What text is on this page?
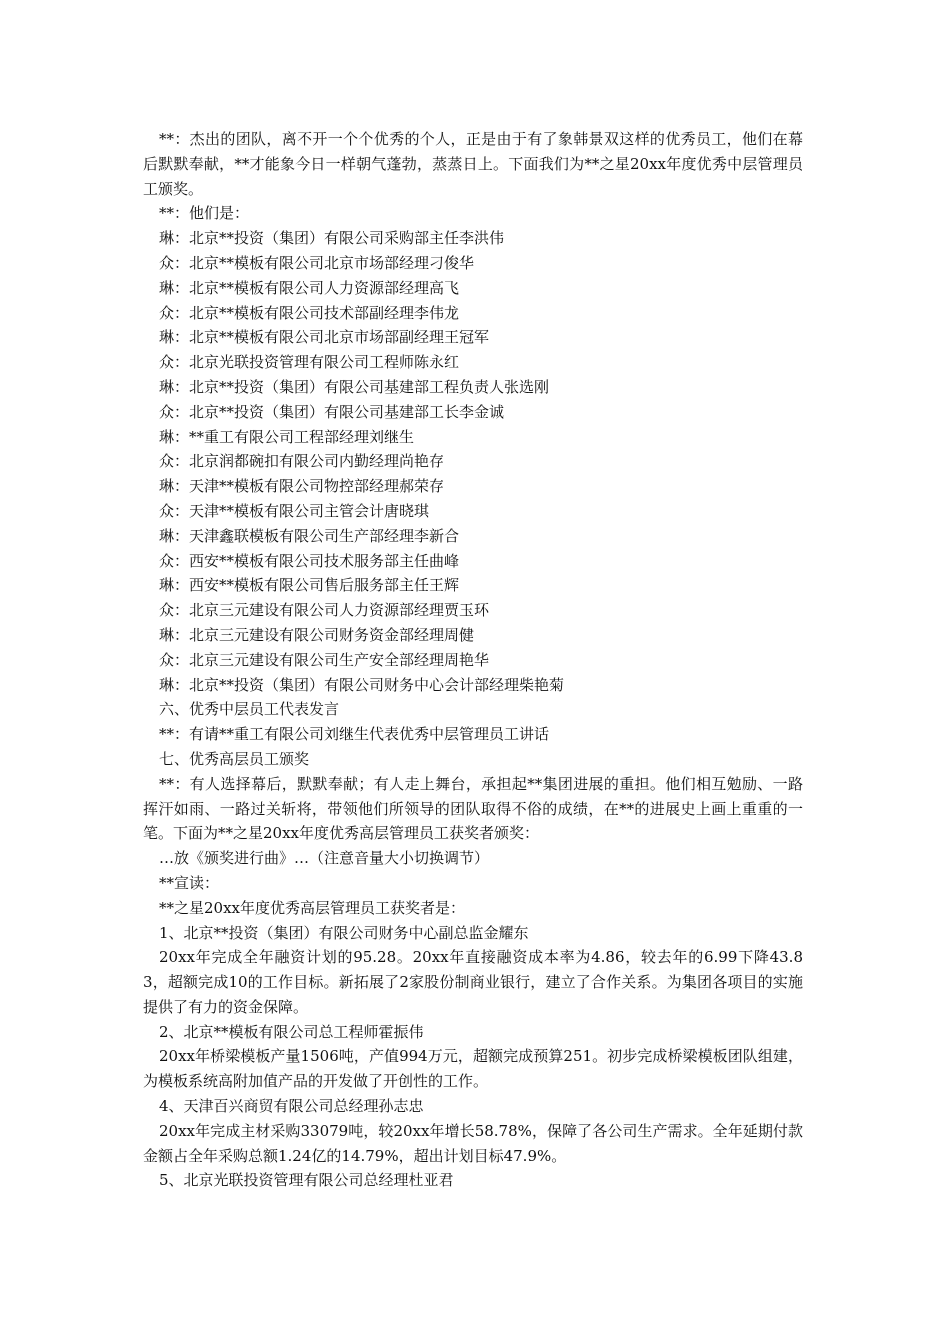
**：杰出的团队，离不开一个个优秀的个人，正是由于有了象韩景双这样的优秀员工，他们在幕后默默奉献，**才能象今日一样朝气蓬勃，蒸蒸日上。下面我们为**之星20xx年度优秀中层管理员工颁奖。

**：他们是：

琳：北京**投资（集团）有限公司采购部主任李洪伟

众：北京**模板有限公司北京市场部经理刁俊华

琳：北京**模板有限公司人力资源部经理高飞

众：北京**模板有限公司技术部副经理李伟龙

琳：北京**模板有限公司北京市场部副经理王冠军

众：北京光联投资管理有限公司工程师陈永红

琳：北京**投资（集团）有限公司基建部工程负责人张选刚

众：北京**投资（集团）有限公司基建部工长李金诚

琳：**重工有限公司工程部经理刘继生

众：北京润都碗扣有限公司内勤经理尚艳存

琳：天津**模板有限公司物控部经理郝荣存

众：天津**模板有限公司主管会计唐晓琪

琳：天津鑫联模板有限公司生产部经理李新合

众：西安**模板有限公司技术服务部主任曲峰

琳：西安**模板有限公司售后服务部主任王辉

众：北京三元建设有限公司人力资源部经理贾玉环

琳：北京三元建设有限公司财务资金部经理周健

众：北京三元建设有限公司生产安全部经理周艳华

琳：北京**投资（集团）有限公司财务中心会计部经理柴艳菊

六、优秀中层员工代表发言

**：有请**重工有限公司刘继生代表优秀中层管理员工讲话

七、优秀高层员工颁奖

**：有人选择幕后，默默奉献；有人走上舞台，承担起**集团进展的重担。他们相互勉励、一路挥汗如雨、一路过关斩将，带领他们所领导的团队取得不俗的成绩，在**的进展史上画上重重的一笔。下面为**之星20xx年度优秀高层管理员工获奖者颁奖：

…放《颁奖进行曲》…（注意音量大小切换调节）

**宣读：

**之星20xx年度优秀高层管理员工获奖者是：

1、北京**投资（集团）有限公司财务中心副总监金耀东

20xx年完成全年融资计划的95.28。20xx年直接融资成本率为4.86，较去年的6.99下降43.83，超额完成10的工作目标。新拓展了2家股份制商业银行，建立了合作关系。为集团各项目的实施提供了有力的资金保障。

2、北京**模板有限公司总工程师霍振伟

20xx年桥梁模板产量1506吨，产值994万元，超额完成预算251。初步完成桥梁模板团队组建，为模板系统高附加值产品的开发做了开创性的工作。

4、天津百兴商贸有限公司总经理孙志忠

20xx年完成主材采购33079吨，较20xx年增长58.78%，保障了各公司生产需求。全年延期付款金额占全年采购总额1.24亿的14.79%，超出计划目标47.9%。

5、北京光联投资管理有限公司总经理杜亚君
